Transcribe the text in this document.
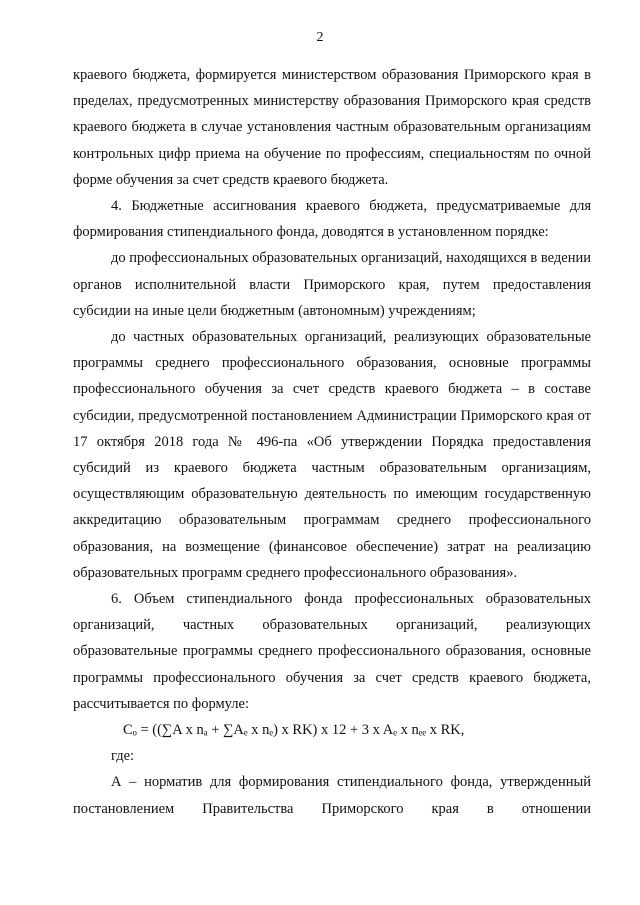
2

краевого бюджета, формируется министерством образования Приморского края в пределах, предусмотренных министерству образования Приморского края средств краевого бюджета в случае установления частным образовательным организациям контрольных цифр приема на обучение по профессиям, специальностям по очной форме обучения за счет средств краевого бюджета.

4. Бюджетные ассигнования краевого бюджета, предусматриваемые для формирования стипендиального фонда, доводятся в установленном порядке:

до профессиональных образовательных организаций, находящихся в ведении органов исполнительной власти Приморского края, путем предоставления субсидии на иные цели бюджетным (автономным) учреждениям;

до частных образовательных организаций, реализующих образовательные программы среднего профессионального образования, основные программы профессионального обучения за счет средств краевого бюджета – в составе субсидии, предусмотренной постановлением Администрации Приморского края от 17 октября 2018 года № 496-па «Об утверждении Порядка предоставления субсидий из краевого бюджета частным образовательным организациям, осуществляющим образовательную деятельность по имеющим государственную аккредитацию образовательным программам среднего профессионального образования, на возмещение (финансовое обеспечение) затрат на реализацию образовательных программ среднего профессионального образования».

6. Объем стипендиального фонда профессиональных образовательных организаций, частных образовательных организаций, реализующих образовательные программы среднего профессионального образования, основные программы профессионального обучения за счет средств краевого бюджета, рассчитывается по формуле:

Cₒ = ((∑A x nₐ + ∑Aₑ x nₑ) x RK) x 12 + 3 x Aₑ x nₑₑ x RK,

где:

А – норматив для формирования стипендиального фонда, утвержденный постановлением Правительства Приморского края в отношении
